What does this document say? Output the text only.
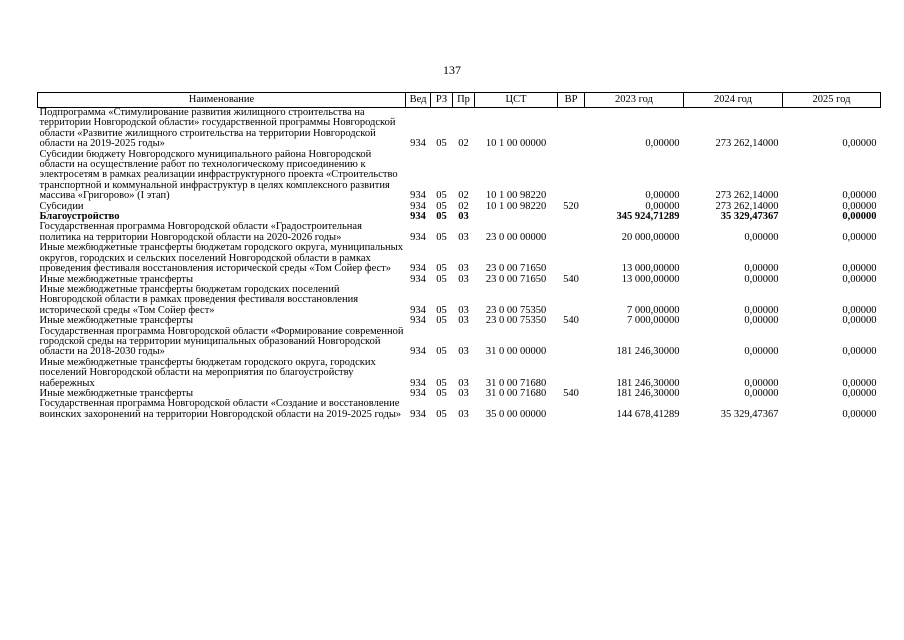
137
Наименование	Вед	РЗ	Пр	ЦСТ	ВР	2023 год	2024 год	2025 год
Подпрограмма «Стимулирование развития жилищного строительства на территории Новгородской области» государственной программы Новгородской области «Развитие жилищного строительства на территории Новгородской области на 2019-2025 годы»	934	05	02	10 1 00 00000		0,00000	273 262,14000	0,00000
Субсидии бюджету Новгородского муниципального района Новгородской области на осуществление работ по технологическому присоединению к электросетям в рамках реализации инфраструктурного проекта «Строительство транспортной и коммунальной инфраструктур в целях комплексного развития массива «Григорово» (I этап)	934	05	02	10 1 00 98220		0,00000	273 262,14000	0,00000
Субсидии	934	05	02	10 1 00 98220	520	0,00000	273 262,14000	0,00000
Благоустройство	934	05	03			345 924,71289	35 329,47367	0,00000
Государственная программа Новгородской области «Градостроительная политика на территории Новгородской области на 2020-2026 годы»	934	05	03	23 0 00 00000		20 000,00000	0,00000	0,00000
Иные межбюджетные трансферты бюджетам городского округа, муниципальных округов, городских и сельских поселений Новгородской области в рамках проведения фестиваля восстановления исторической среды «Том Сойер фест»	934	05	03	23 0 00 71650		13 000,00000	0,00000	0,00000
Иные межбюджетные трансферты	934	05	03	23 0 00 71650	540	13 000,00000	0,00000	0,00000
Иные межбюджетные трансферты бюджетам городских поселений Новгородской области в рамках проведения фестиваля восстановления исторической среды «Том Сойер фест»	934	05	03	23 0 00 75350		7 000,00000	0,00000	0,00000
Иные межбюджетные трансферты	934	05	03	23 0 00 75350	540	7 000,00000	0,00000	0,00000
Государственная программа Новгородской области «Формирование современной городской среды на территории муниципальных образований Новгородской области на 2018-2030 годы»	934	05	03	31 0 00 00000		181 246,30000	0,00000	0,00000
Иные межбюджетные трансферты бюджетам городского округа, городских поселений Новгородской области на мероприятия по благоустройству набережных	934	05	03	31 0 00 71680		181 246,30000	0,00000	0,00000
Иные межбюджетные трансферты	934	05	03	31 0 00 71680	540	181 246,30000	0,00000	0,00000
Государственная программа Новгородской области «Создание и восстановление воинских захоронений на территории Новгородской области на 2019-2025 годы»	934	05	03	35 0 00 00000		144 678,41289	35 329,47367	0,00000
